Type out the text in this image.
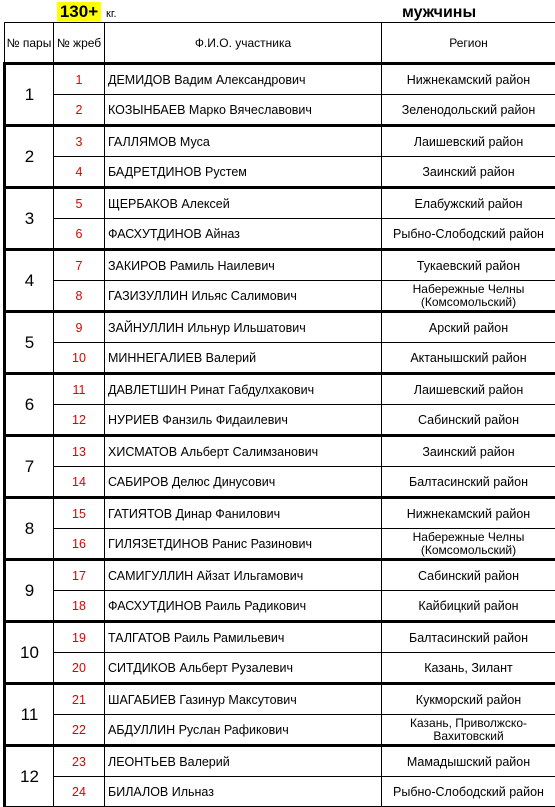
130+ кг.	мужчины
№ пары	№ жреб	Ф.И.О. участника	Регион
1	1	ДЕМИДОВ Вадим Александрович	Нижнекамский район
	2	КОЗЫНБАЕВ Марко Вячеславович	Зеленодольский район
2	3	ГАЛЛЯМОВ Муса	Лаишевский район
	4	БАДРЕТДИНОВ Рустем	Заинский район
3	5	ЩЕРБАКОВ Алексей	Елабужский район
	6	ФАСХУТДИНОВ Айназ	Рыбно-Слободский район
4	7	ЗАКИРОВ Рамиль Наилевич	Тукаевский район
	8	ГАЗИЗУЛЛИН Ильяс Салимович	Набережные Челны (Комсомольский)
5	9	ЗАЙНУЛЛИН Ильнур Ильшатович	Арский район
	10	МИННЕГАЛИЕВ Валерий	Актанышский район
6	11	ДАВЛЕТШИН Ринат Габдулхакович	Лаишевский район
	12	НУРИЕВ Фанзиль Фидаилевич	Сабинский район
7	13	ХИСМАТОВ Альберт Салимзанович	Заинский район
	14	САБИРОВ Делюс Динусович	Балтасинский район
8	15	ГАТИЯТОВ Динар Фанилович	Нижнекамский район
	16	ГИЛЯЗЕТДИНОВ Ранис Разинович	Набережные Челны (Комсомольский)
9	17	САМИГУЛЛИН Айзат Ильгамович	Сабинский район
	18	ФАСХУТДИНОВ Раиль Радикович	Кайбицкий район
10	19	ТАЛГАТОВ Раиль Рамильевич	Балтасинский район
	20	СИТДИКОВ Альберт Рузалевич	Казань, Зилант
11	21	ШАГАБИЕВ Газинур Максутович	Кукморский район
	22	АБДУЛЛИН Руслан Рафикович	Казань, Приволжско-Вахитовский
12	23	ЛЕОНТЬЕВ Валерий	Мамадышский район
	24	БИЛАЛОВ Ильназ	Рыбно-Слободский район
